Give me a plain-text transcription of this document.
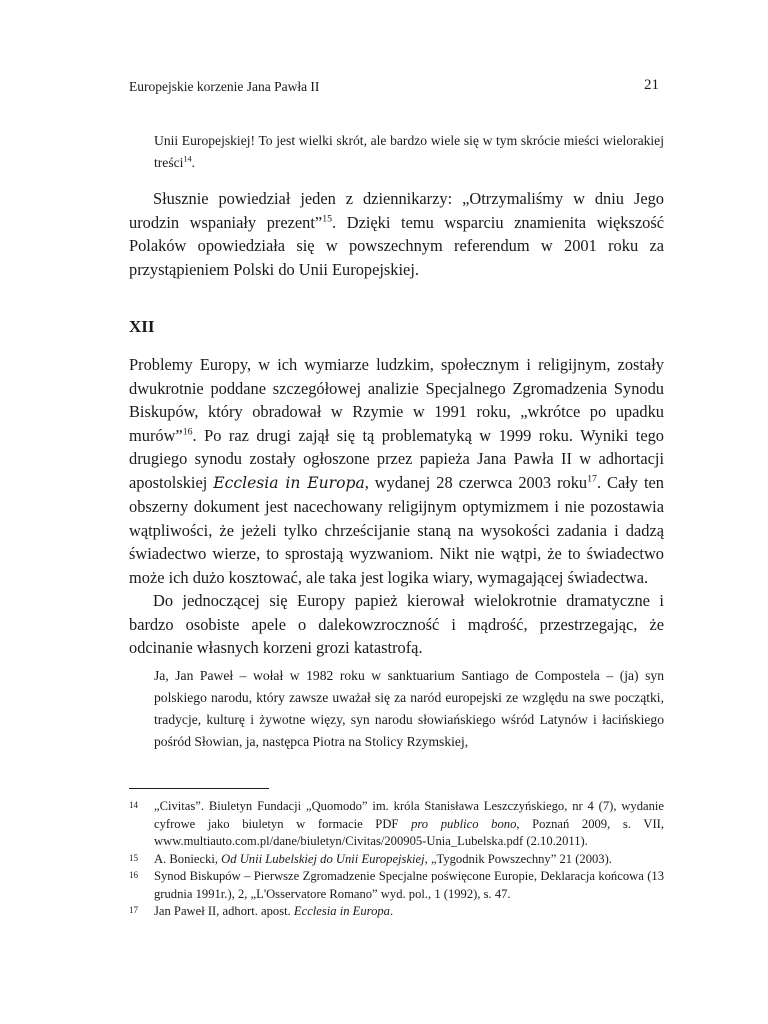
Europejskie korzenie Jana Pawła II	21

Unii Europejskiej! To jest wielki skrót, ale bardzo wiele się w tym skrócie mieści wielorakiej treści$^{14}$.

Słusznie powiedział jeden z dziennikarzy: „Otrzymaliśmy w dniu Jego urodzin wspaniały prezent”$^{15}$. Dzięki temu wsparciu znamienita większość Polaków opowiedziała się w powszechnym referendum w 2001 roku za przystąpieniem Polski do Unii Europejskiej.

XII

Problemy Europy, w ich wymiarze ludzkim, społecznym i religijnym, zostały dwukrotnie poddane szczegółowej analizie Specjalnego Zgromadzenia Synodu Biskupów, który obradował w Rzymie w 1991 roku, „wkrótce po upadku murów”$^{16}$. Po raz drugi zajął się tą problematyką w 1999 roku. Wyniki tego drugiego synodu zostały ogłoszone przez papieża Jana Pawła II w adhortacji apostolskiej Ecclesia in Europa, wydanej 28 czerwca 2003 roku$^{17}$. Cały ten obszerny dokument jest nacechowany religijnym optymizmem i nie pozostawia wątpliwości, że jeżeli tylko chrześcijanie staną na wysokości zadania i dadzą świadectwo wierze, to sprostają wyzwaniom. Nikt nie wątpi, że to świadectwo może ich dużo kosztować, ale taka jest logika wiary, wymagającej świadectwa.

Do jednoczącej się Europy papież kierował wielokrotnie dramatyczne i bardzo osobiste apele o dalekowzroczność i mądrość, przestrzegając, że odcinanie własnych korzeni grozi katastrofą.

Ja, Jan Paweł – wołał w 1982 roku w sanktuarium Santiago de Compostela – (ja) syn polskiego narodu, który zawsze uważał się za naród europejski ze względu na swe początki, tradycje, kulturę i żywotne więzy, syn narodu słowiańskiego wśród Latynów i łacińskiego pośród Słowian, ja, następca Piotra na Stolicy Rzymskiej,

14 „Civitas”. Biuletyn Fundacji „Quomodo” im. króla Stanisława Leszczyńskiego, nr 4 (7), wydanie cyfrowe jako biuletyn w formacie PDF pro publico bono, Poznań 2009, s. VII, www.multiauto.com.pl/dane/biuletyn/Civitas/200905-Unia_Lubelska.pdf (2.10.2011).
15 A. Boniecki, Od Unii Lubelskiej do Unii Europejskiej, „Tygodnik Powszechny” 21 (2003).
16 Synod Biskupów – Pierwsze Zgromadzenie Specjalne poświęcone Europie, Deklaracja końcowa (13 grudnia 1991r.), 2, „L'Osservatore Romano” wyd. pol., 1 (1992), s. 47.
17 Jan Paweł II, adhort. apost. Ecclesia in Europa.
